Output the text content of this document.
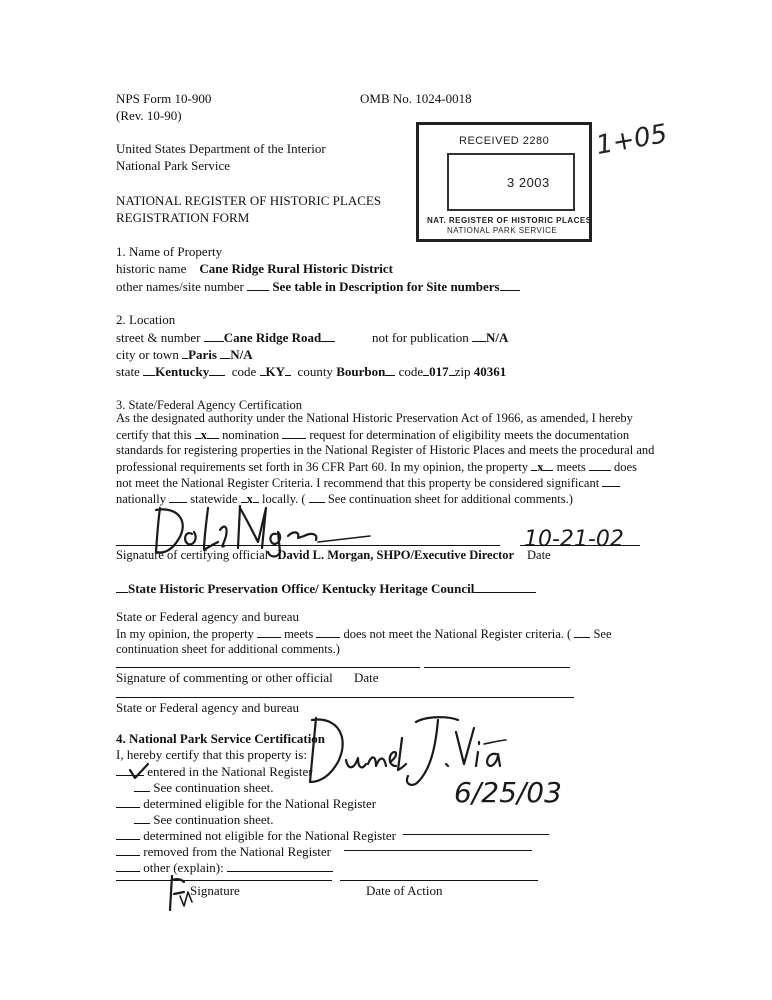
NPS Form 10-900	OMB No. 1024-0018
(Rev. 10-90)
United States Department of the Interior
National Park Service
NATIONAL REGISTER OF HISTORIC PLACES
REGISTRATION FORM
RECEIVED 2280
3 2003
NAT. REGISTER OF HISTORIC PLACES
NATIONAL PARK SERVICE
1+05
1. Name of Property
historic name Cane Ridge Rural Historic District
other names/site number See table in Description for Site numbers
2. Location
street & number Cane Ridge Road	not for publication N/A
city or town Paris N/A
state Kentucky code KY county Bourbon code 017 zip 40361
3. State/Federal Agency Certification
As the designated authority under the National Historic Preservation Act of 1966, as amended, I hereby
certify that this x nomination request for determination of eligibility meets the documentation
standards for registering properties in the National Register of Historic Places and meets the procedural and
professional requirements set forth in 36 CFR Part 60. In my opinion, the property x meets does
not meet the National Register Criteria. I recommend that this property be considered significant
nationally statewide x locally. ( See continuation sheet for additional comments.)
10-21-02
Signature of certifying official David L. Morgan, SHPO/Executive Director Date
State Historic Preservation Office/ Kentucky Heritage Council
State or Federal agency and bureau
In my opinion, the property meets does not meet the National Register criteria. ( See
continuation sheet for additional comments.)
Signature of commenting or other official Date
State or Federal agency and bureau
4. National Park Service Certification
I, hereby certify that this property is:
entered in the National Register
See continuation sheet.
determined eligible for the National Register
See continuation sheet.
determined not eligible for the National Register
removed from the National Register
other (explain):
Signature	Date of Action
6/25/03
